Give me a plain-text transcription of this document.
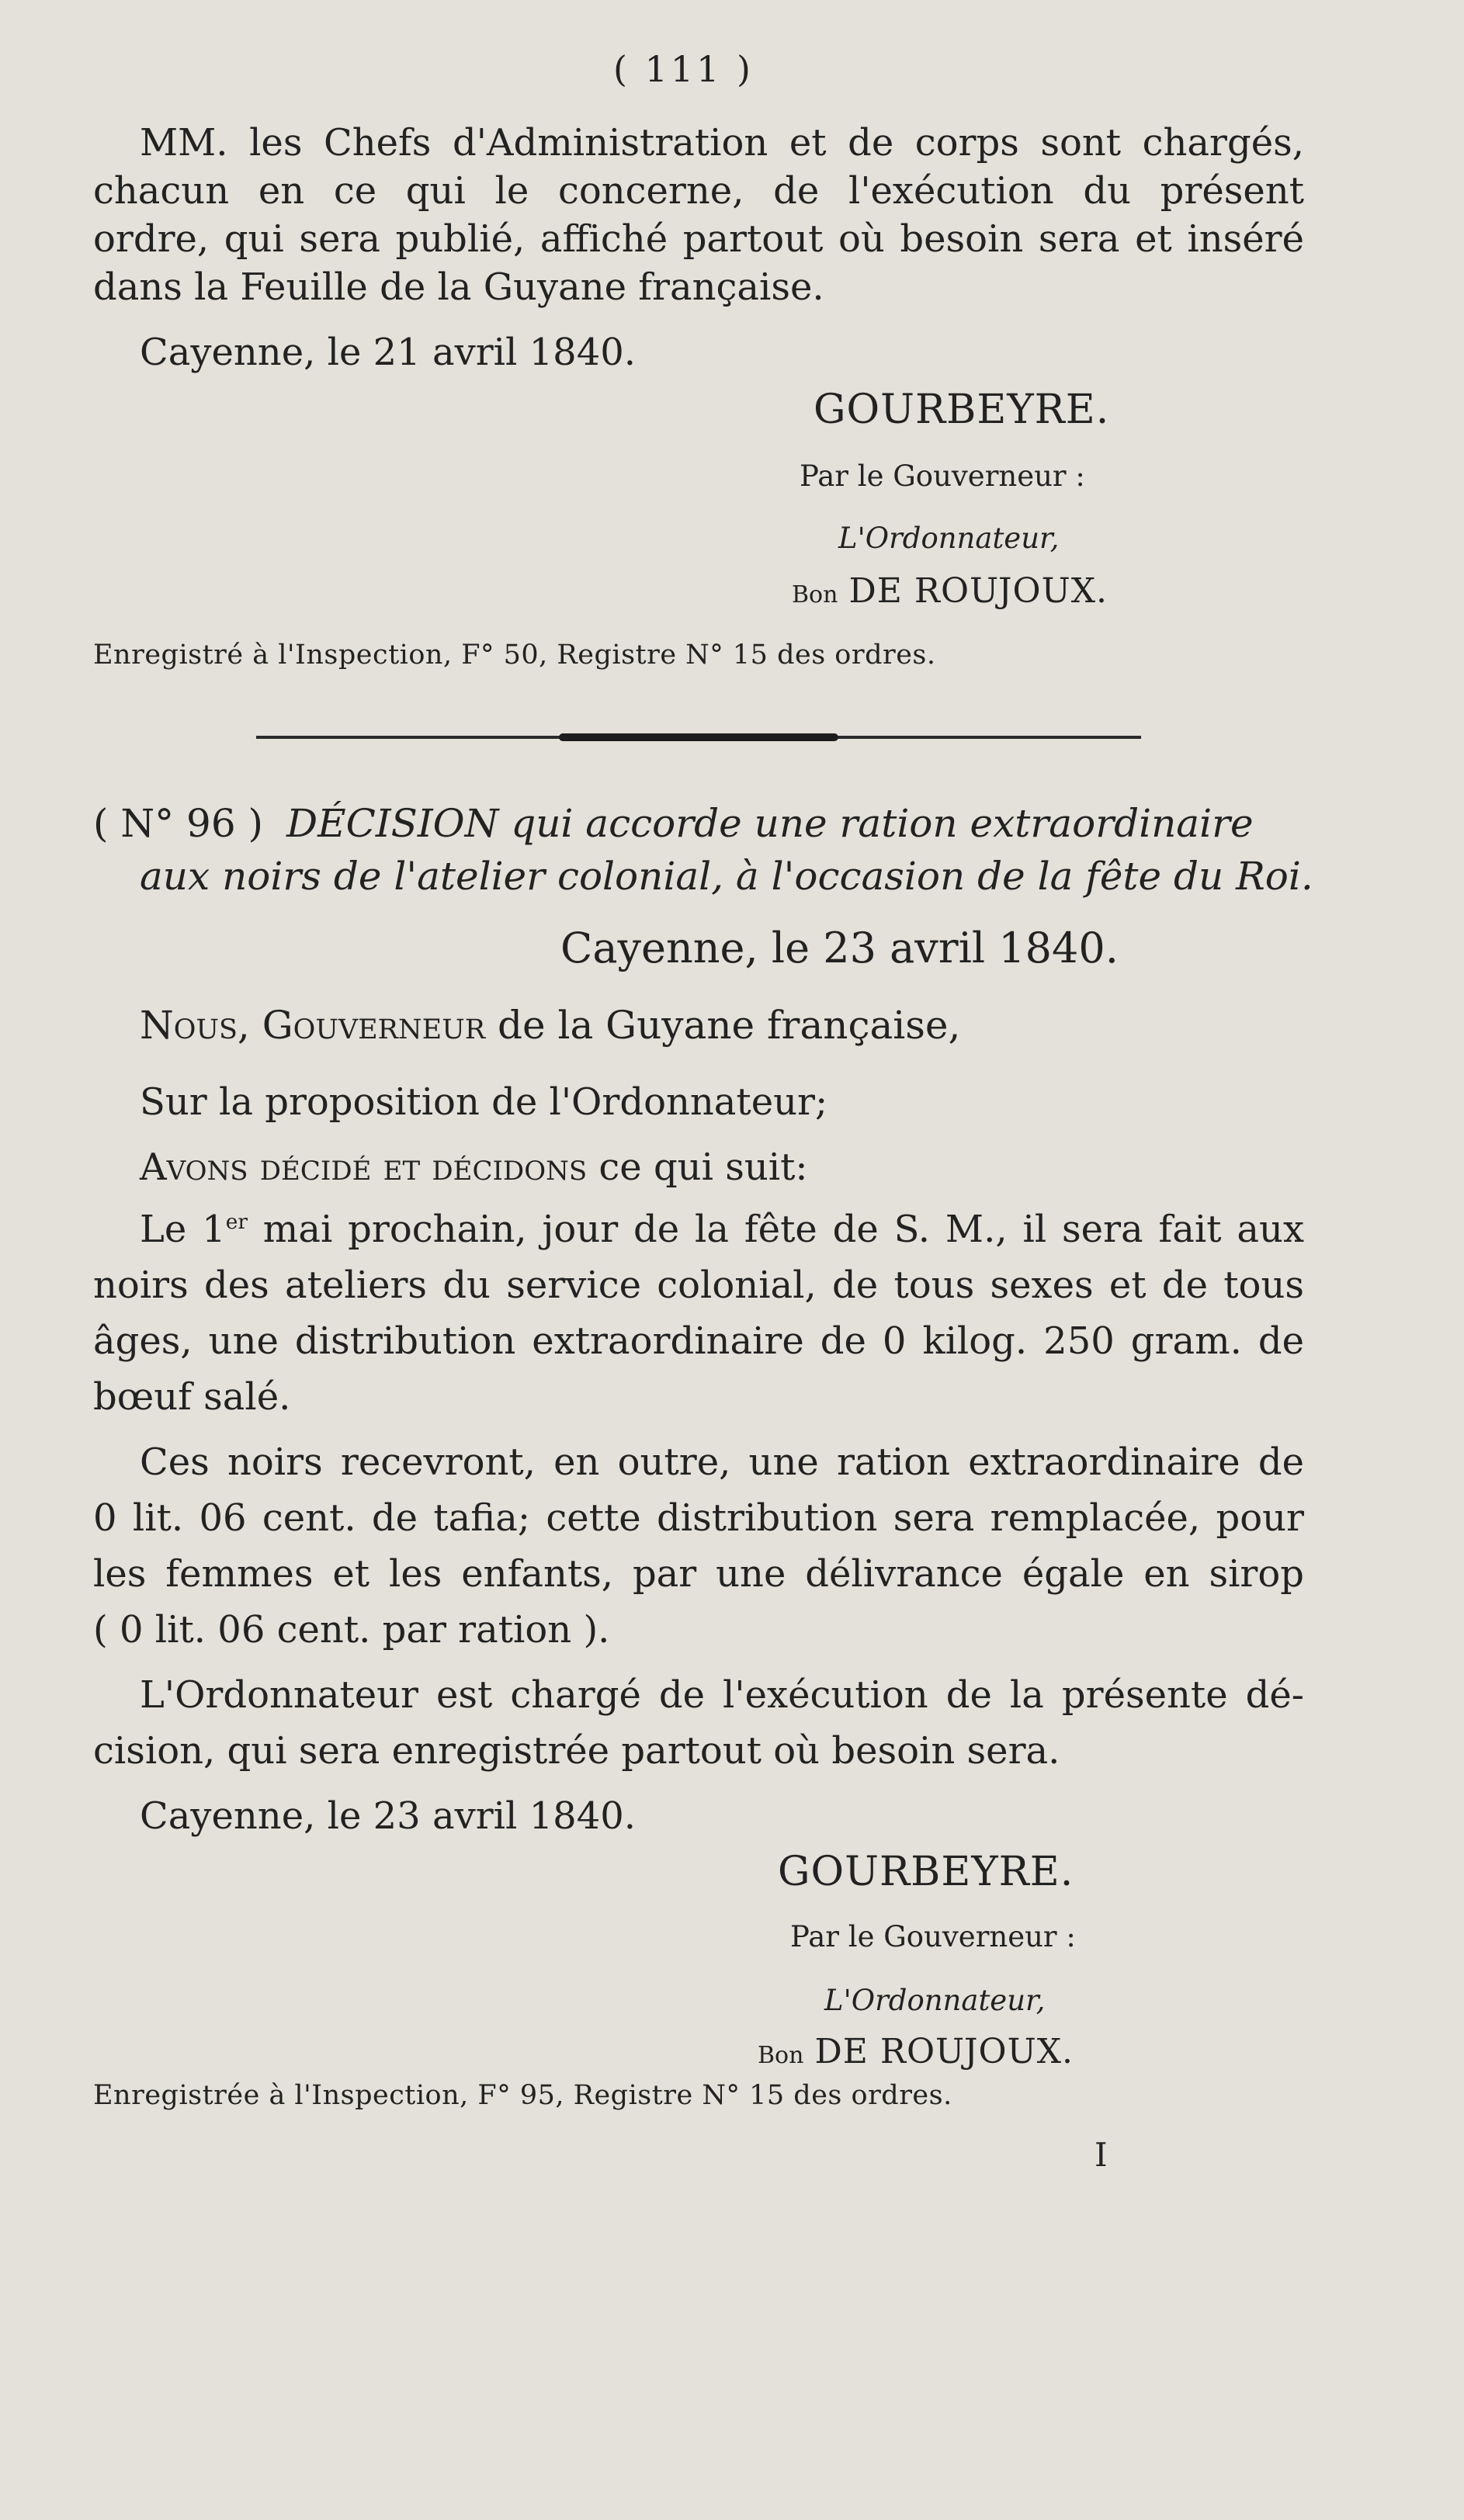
( 111 )
MM. les Chefs d'Administration et de corps sont chargés,
chacun en ce qui le concerne, de l'exécution du présent
ordre, qui sera publié, affiché partout où besoin sera et inséré
dans la Feuille de la Guyane française.
Cayenne, le 21 avril 1840.
GOURBEYRE.
Par le Gouverneur :
L'Ordonnateur,
Bon DE ROUJOUX.
Enregistré à l'Inspection, F° 50, Registre N° 15 des ordres.
( N° 96 ) DÉCISION qui accorde une ration extraordinaire
aux noirs de l'atelier colonial, à l'occasion de la fête du Roi.
Cayenne, le 23 avril 1840.
Nous, Gouverneur de la Guyane française,
Sur la proposition de l'Ordonnateur;
Avons décidé et décidons ce qui suit:
Le 1er mai prochain, jour de la fête de S. M., il sera fait aux
noirs des ateliers du service colonial, de tous sexes et de tous
âges, une distribution extraordinaire de 0 kilog. 250 gram. de
bœuf salé.
Ces noirs recevront, en outre, une ration extraordinaire de
0 lit. 06 cent. de tafia; cette distribution sera remplacée, pour
les femmes et les enfants, par une délivrance égale en sirop
( 0 lit. 06 cent. par ration ).
L'Ordonnateur est chargé de l'exécution de la présente dé-
cision, qui sera enregistrée partout où besoin sera.
Cayenne, le 23 avril 1840.
GOURBEYRE.
Par le Gouverneur :
L'Ordonnateur,
Bon DE ROUJOUX.
Enregistrée à l'Inspection, F° 95, Registre N° 15 des ordres.
I
